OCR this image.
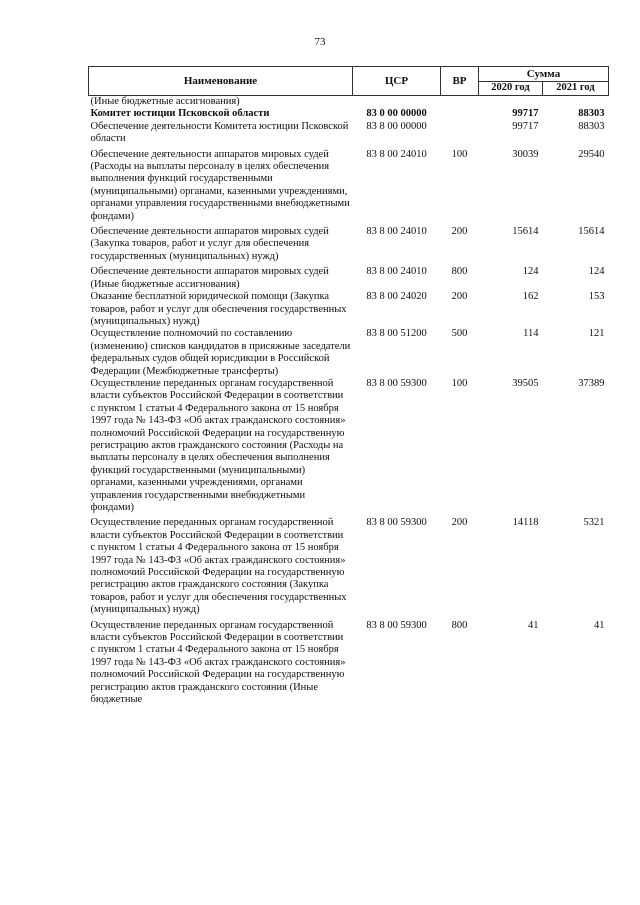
73
Наименование	ЦСР	ВР	Сумма	
			2020 год	2021 год
(Иные бюджетные ассигнования)				
Комитет юстиции Псковской области	83 0 00 00000		99717	88303
Обеспечение деятельности Комитета юстиции Псковской области	83 8 00 00000		99717	88303
Обеспечение деятельности аппаратов мировых судей (Расходы на выплаты персоналу в целях обеспечения выполнения функций государственными (муниципальными) органами, казенными учреждениями, органами управления государственными внебюджетными фондами)	83 8 00 24010	100	30039	29540
Обеспечение деятельности аппаратов мировых судей (Закупка товаров, работ и услуг для обеспечения государственных (муниципальных) нужд)	83 8 00 24010	200	15614	15614
Обеспечение деятельности аппаратов мировых судей (Иные бюджетные ассигнования)	83 8 00 24010	800	124	124
Оказание бесплатной юридической помощи (Закупка товаров, работ и услуг для обеспечения государственных (муниципальных) нужд)	83 8 00 24020	200	162	153
Осуществление полномочий по составлению (изменению) списков кандидатов в присяжные заседатели федеральных судов общей юрисдикции в Российской Федерации (Межбюджетные трансферты)	83 8 00 51200	500	114	121
Осуществление переданных органам государственной власти субъектов Российской Федерации в соответствии с пунктом 1 статьи 4 Федерального закона от 15 ноября 1997 года № 143-ФЗ «Об актах гражданского состояния» полномочий Российской Федерации на государственную регистрацию актов гражданского состояния (Расходы на выплаты персоналу в целях обеспечения выполнения функций государственными (муниципальными) органами, казенными учреждениями, органами управления государственными внебюджетными фондами)	83 8 00 59300	100	39505	37389
Осуществление переданных органам государственной власти субъектов Российской Федерации в соответствии с пунктом 1 статьи 4 Федерального закона от 15 ноября 1997 года № 143-ФЗ «Об актах гражданского состояния» полномочий Российской Федерации на государственную регистрацию актов гражданского состояния (Закупка товаров, работ и услуг для обеспечения государственных (муниципальных) нужд)	83 8 00 59300	200	14118	5321
Осуществление переданных органам государственной власти субъектов Российской Федерации в соответствии с пунктом 1 статьи 4 Федерального закона от 15 ноября 1997 года № 143-ФЗ «Об актах гражданского состояния» полномочий Российской Федерации на государственную регистрацию актов гражданского состояния (Иные бюджетные	83 8 00 59300	800	41	41
